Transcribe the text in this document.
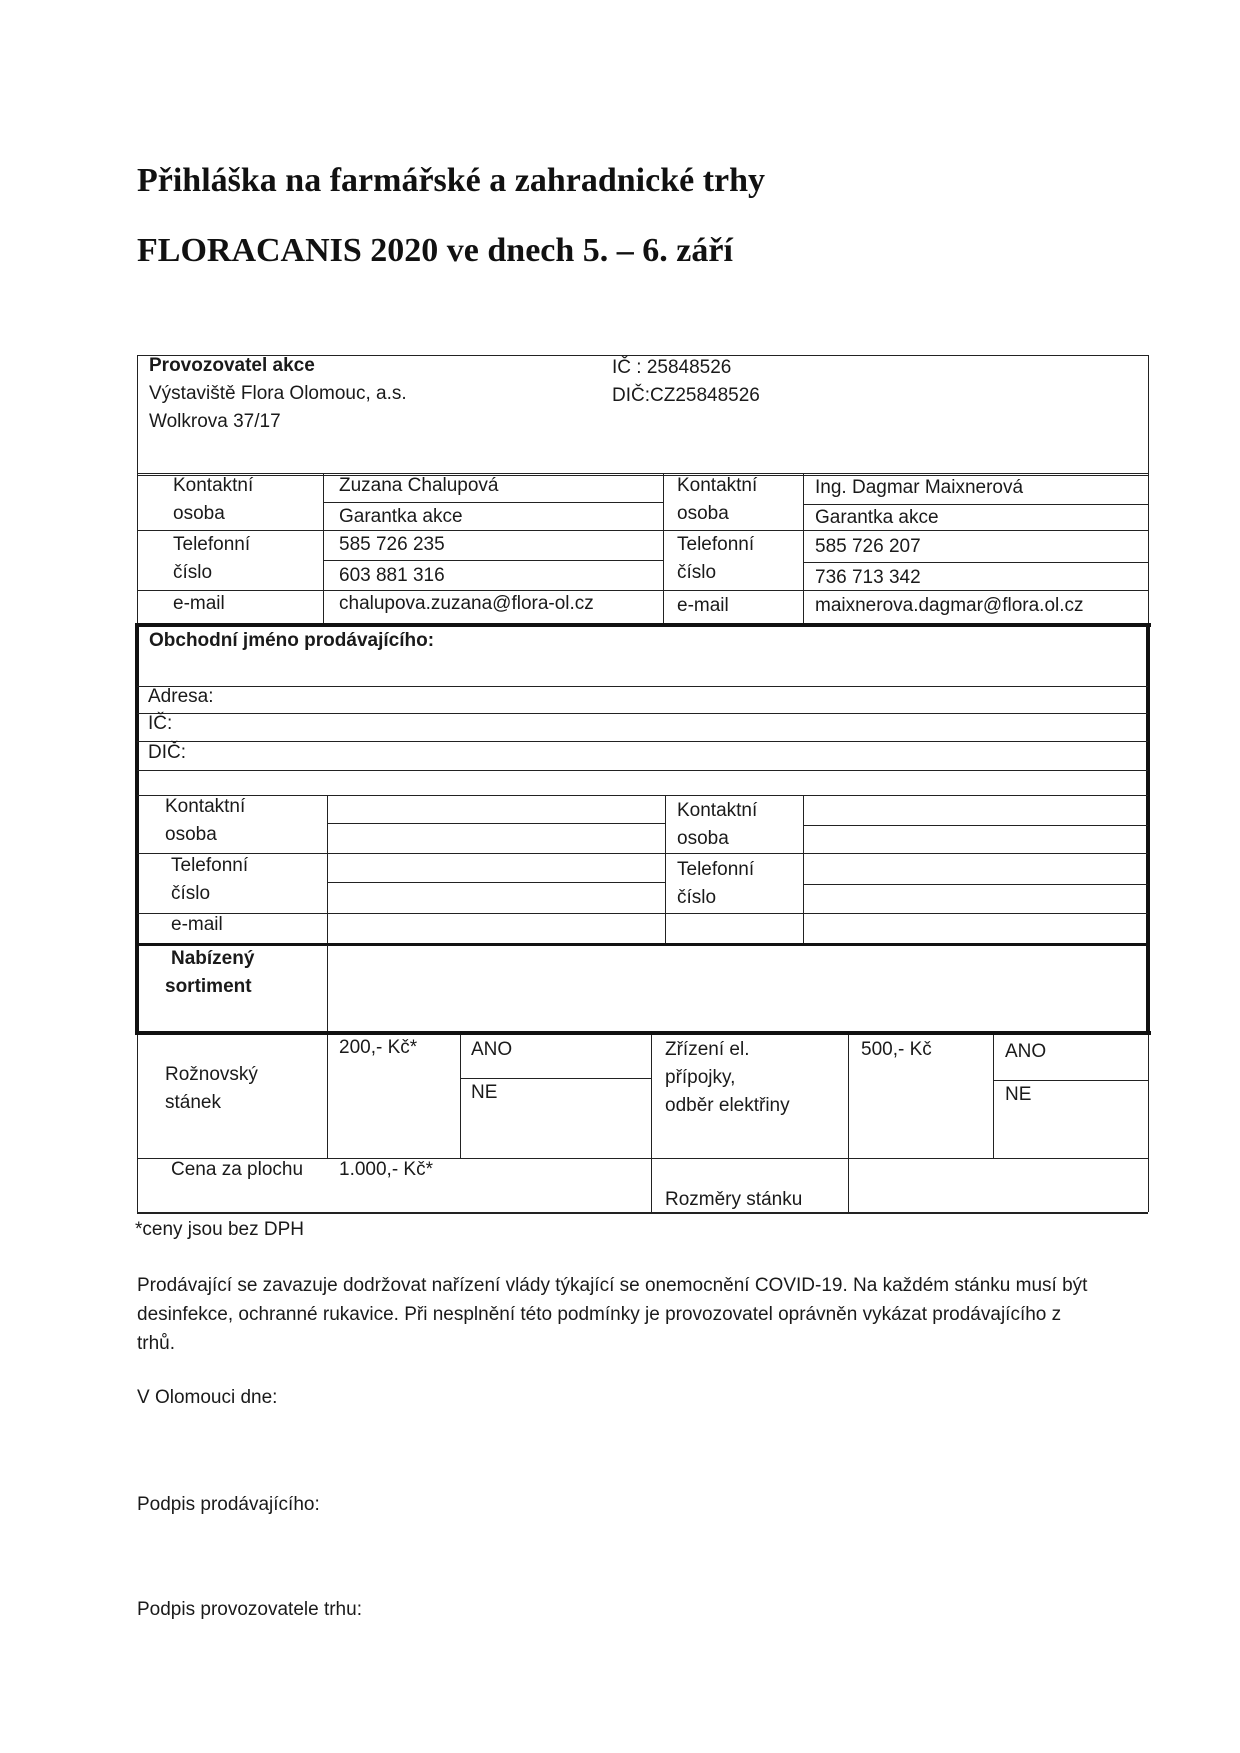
Přihláška na farmářské a zahradnické trhy
FLORACANIS 2020 ve dnech 5. – 6. září
Provozovatel akce
Výstaviště Flora Olomouc, a.s.
Wolkrova 37/17
IČ : 25848526
DIČ:CZ25848526
Kontaktní
osoba
Telefonní
číslo
e-mail
Zuzana Chalupová
Garantka akce
585 726 235
603 881 316
chalupova.zuzana@flora-ol.cz
Kontaktní
osoba
Telefonní
číslo
e-mail
Ing. Dagmar Maixnerová
Garantka akce
585 726 207
736 713 342
maixnerova.dagmar@flora.ol.cz
Obchodní jméno prodávajícího:
Adresa:
IČ:
DIČ:
Kontaktní
osoba
Telefonní
číslo
e-mail
Kontaktní
osoba
Telefonní
číslo
Nabízený
sortiment
Rožnovský
stánek
200,- Kč*	ANO
NE
Zřízení el.
přípojky,
odběr elektřiny
500,- Kč	ANO
NE
Cena za plochu 1.000,- Kč*
Rozměry stánku
*ceny jsou bez DPH
Prodávající se zavazuje dodržovat nařízení vlády týkající se onemocnění COVID-19. Na každém stánku musí být desinfekce, ochranné rukavice. Při nesplnění této podmínky je provozovatel oprávněn vykázat prodávajícího z trhů.
V Olomouci dne:
Podpis prodávajícího:
Podpis provozovatele trhu:
